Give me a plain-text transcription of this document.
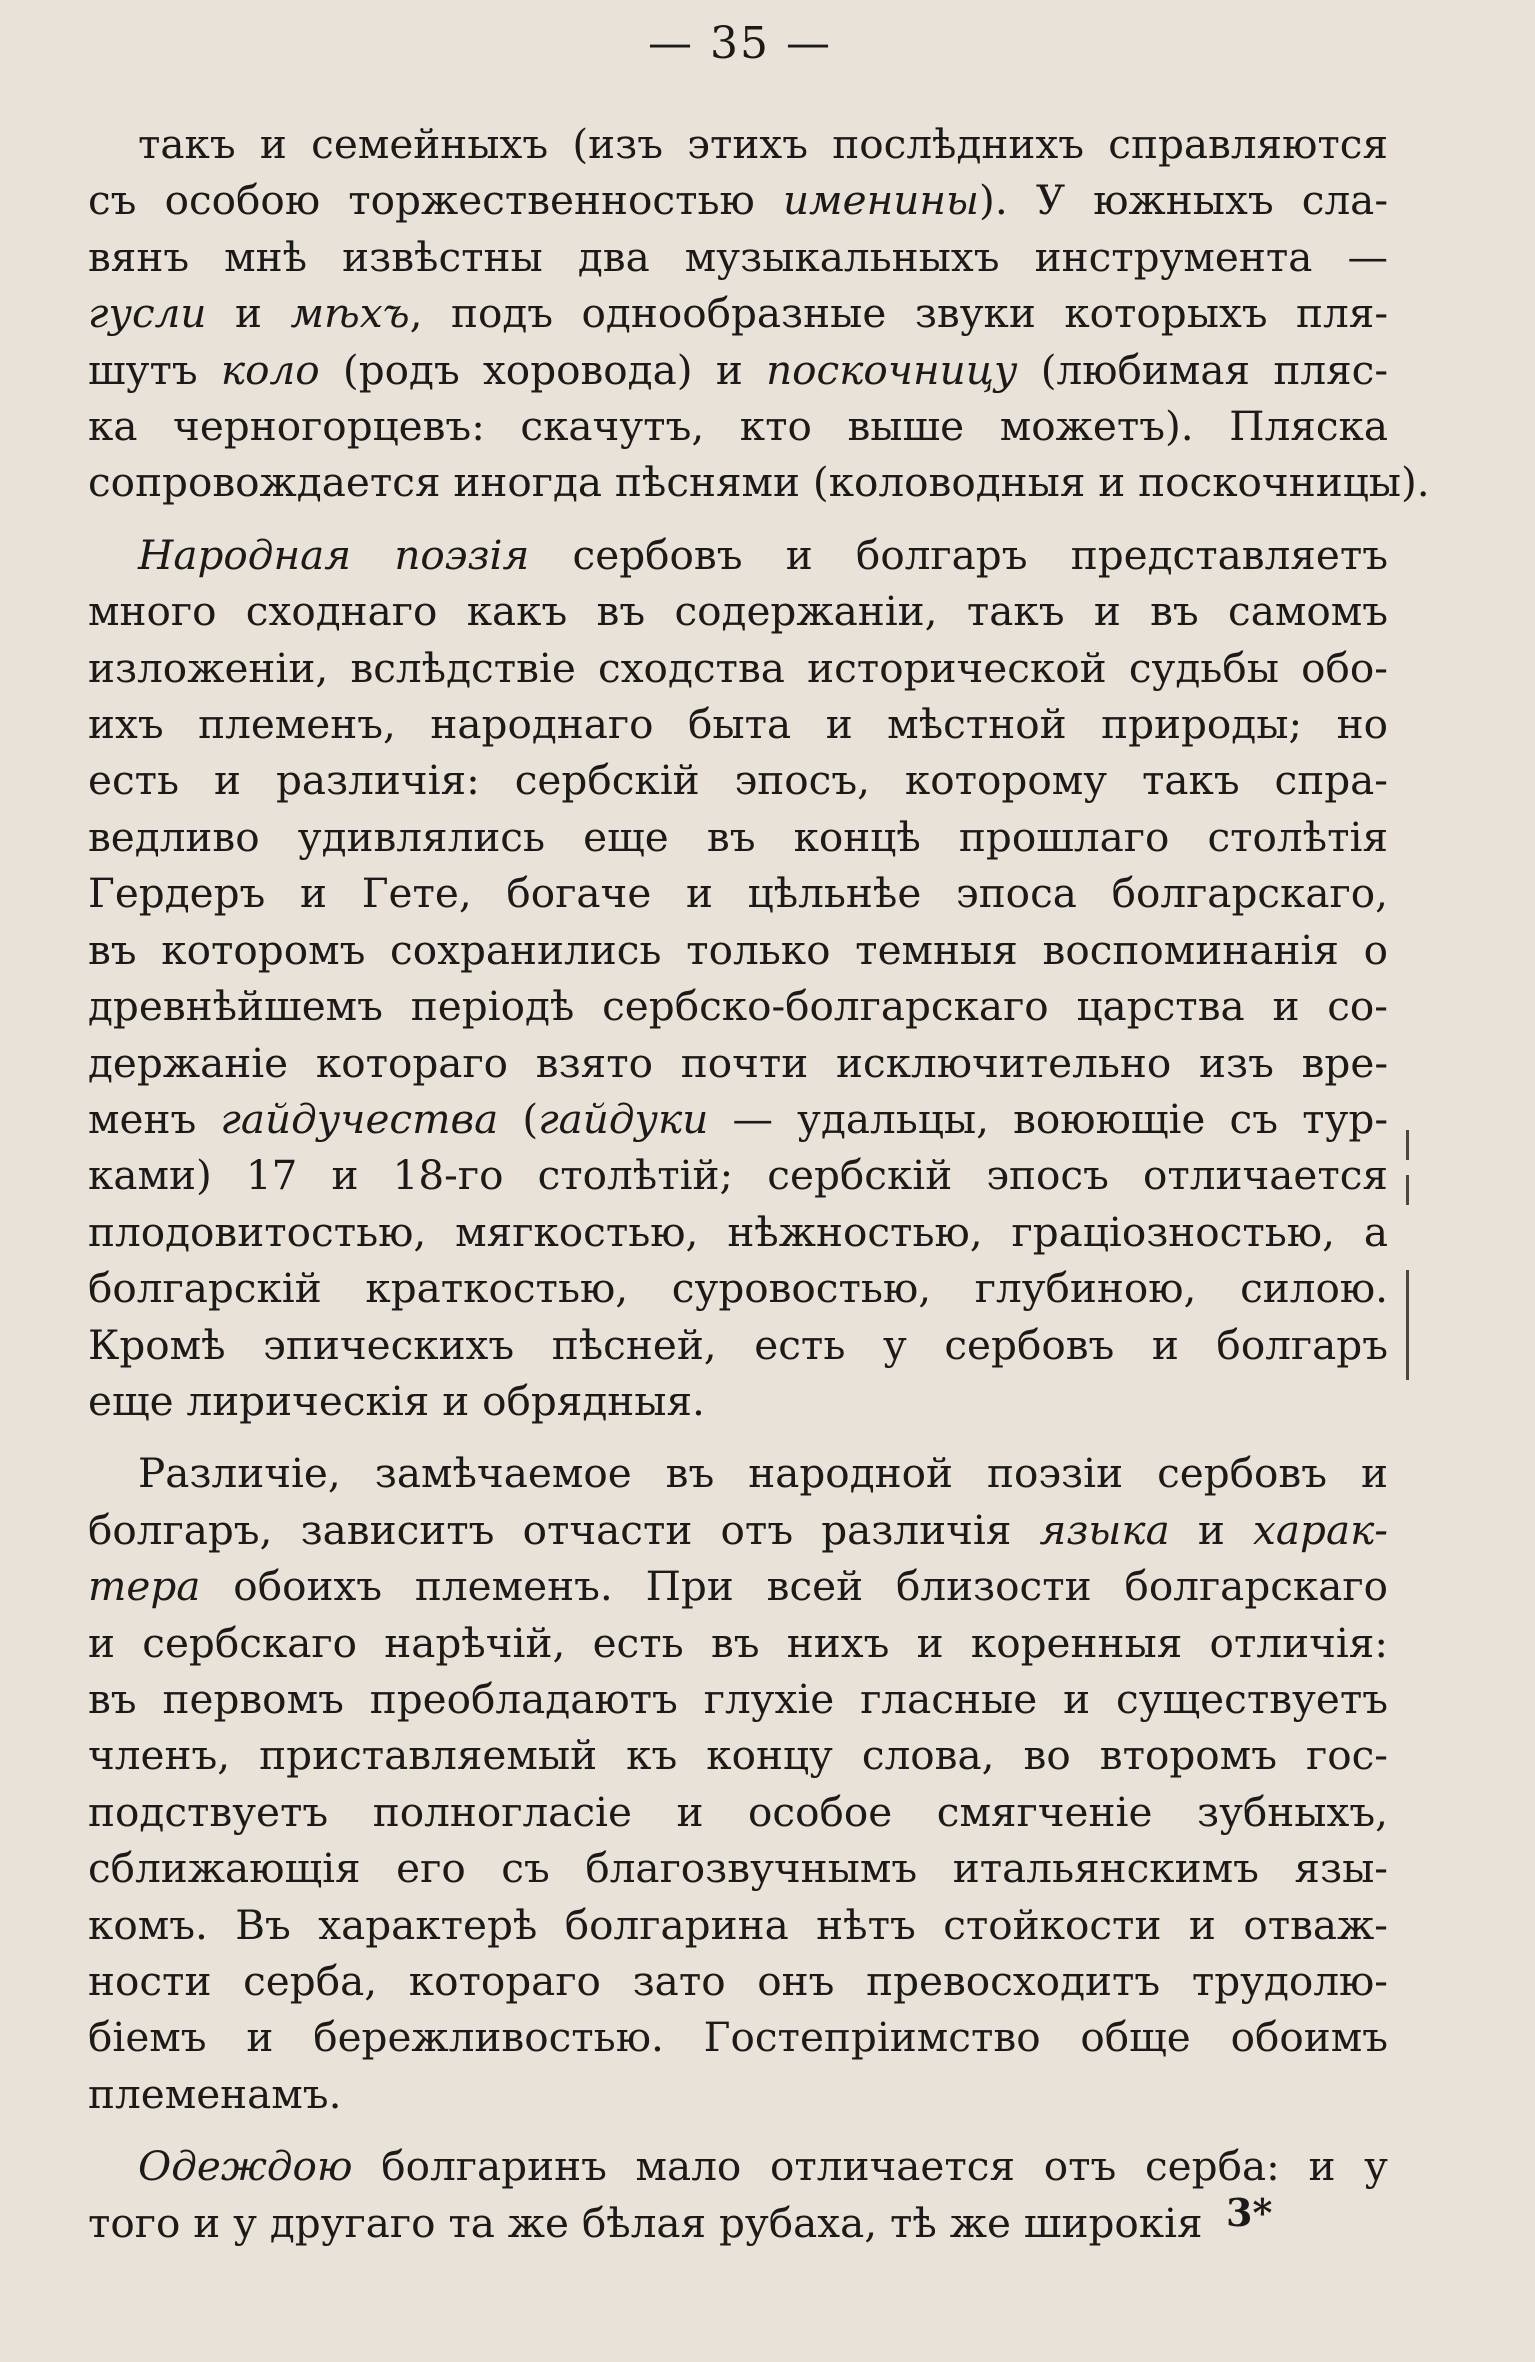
— 35 —
такъ и семейныхъ (изъ этихъ послѣднихъ справляются
съ особою торжественностью именины). У южныхъ сла-
вянъ мнѣ извѣстны два музыкальныхъ инструмента —
гусли и мѣхъ, подъ однообразные звуки которыхъ пля-
шутъ коло (родъ хоровода) и поскочницу (любимая пляс-
ка черногорцевъ: скачутъ, кто выше можетъ). Пляска
сопровождается иногда пѣснями (коловодныя и поскочницы).
Народная поэзія сербовъ и болгаръ представляетъ
много сходнаго какъ въ содержаніи, такъ и въ самомъ
изложеніи, вслѣдствіе сходства исторической судьбы обо-
ихъ племенъ, народнаго быта и мѣстной природы; но
есть и различія: сербскій эпосъ, которому такъ спра-
ведливо удивлялись еще въ концѣ прошлаго столѣтія
Гердеръ и Гете, богаче и цѣльнѣе эпоса болгарскаго,
въ которомъ сохранились только темныя воспоминанія о
древнѣйшемъ періодѣ сербско-болгарскаго царства и со-
держаніе котораго взято почти исключительно изъ вре-
менъ гайдучества (гайдуки — удальцы, воюющіе съ тур-
ками) 17 и 18-го столѣтій; сербскій эпосъ отличается
плодовитостью, мягкостью, нѣжностью, граціозностью, а
болгарскій краткостью, суровостью, глубиною, силою.
Кромѣ эпическихъ пѣсней, есть у сербовъ и болгаръ
еще лирическія и обрядныя.
Различіе, замѣчаемое въ народной поэзіи сербовъ и
болгаръ, зависитъ отчасти отъ различія языка и харак-
тера обоихъ племенъ. При всей близости болгарскаго
и сербскаго нарѣчій, есть въ нихъ и коренныя отличія:
въ первомъ преобладаютъ глухіе гласные и существуетъ
членъ, приставляемый къ концу слова, во второмъ гос-
подствуетъ полногласіе и особое смягченіе зубныхъ,
сближающія его съ благозвучнымъ итальянскимъ язы-
комъ. Въ характерѣ болгарина нѣтъ стойкости и отваж-
ности серба, котораго зато онъ превосходитъ трудолю-
біемъ и бережливостью. Гостепріимство обще обоимъ
племенамъ.
Одеждою болгаринъ мало отличается отъ серба: и у
того и у другаго та же бѣлая рубаха, тѣ же широкія 3*
